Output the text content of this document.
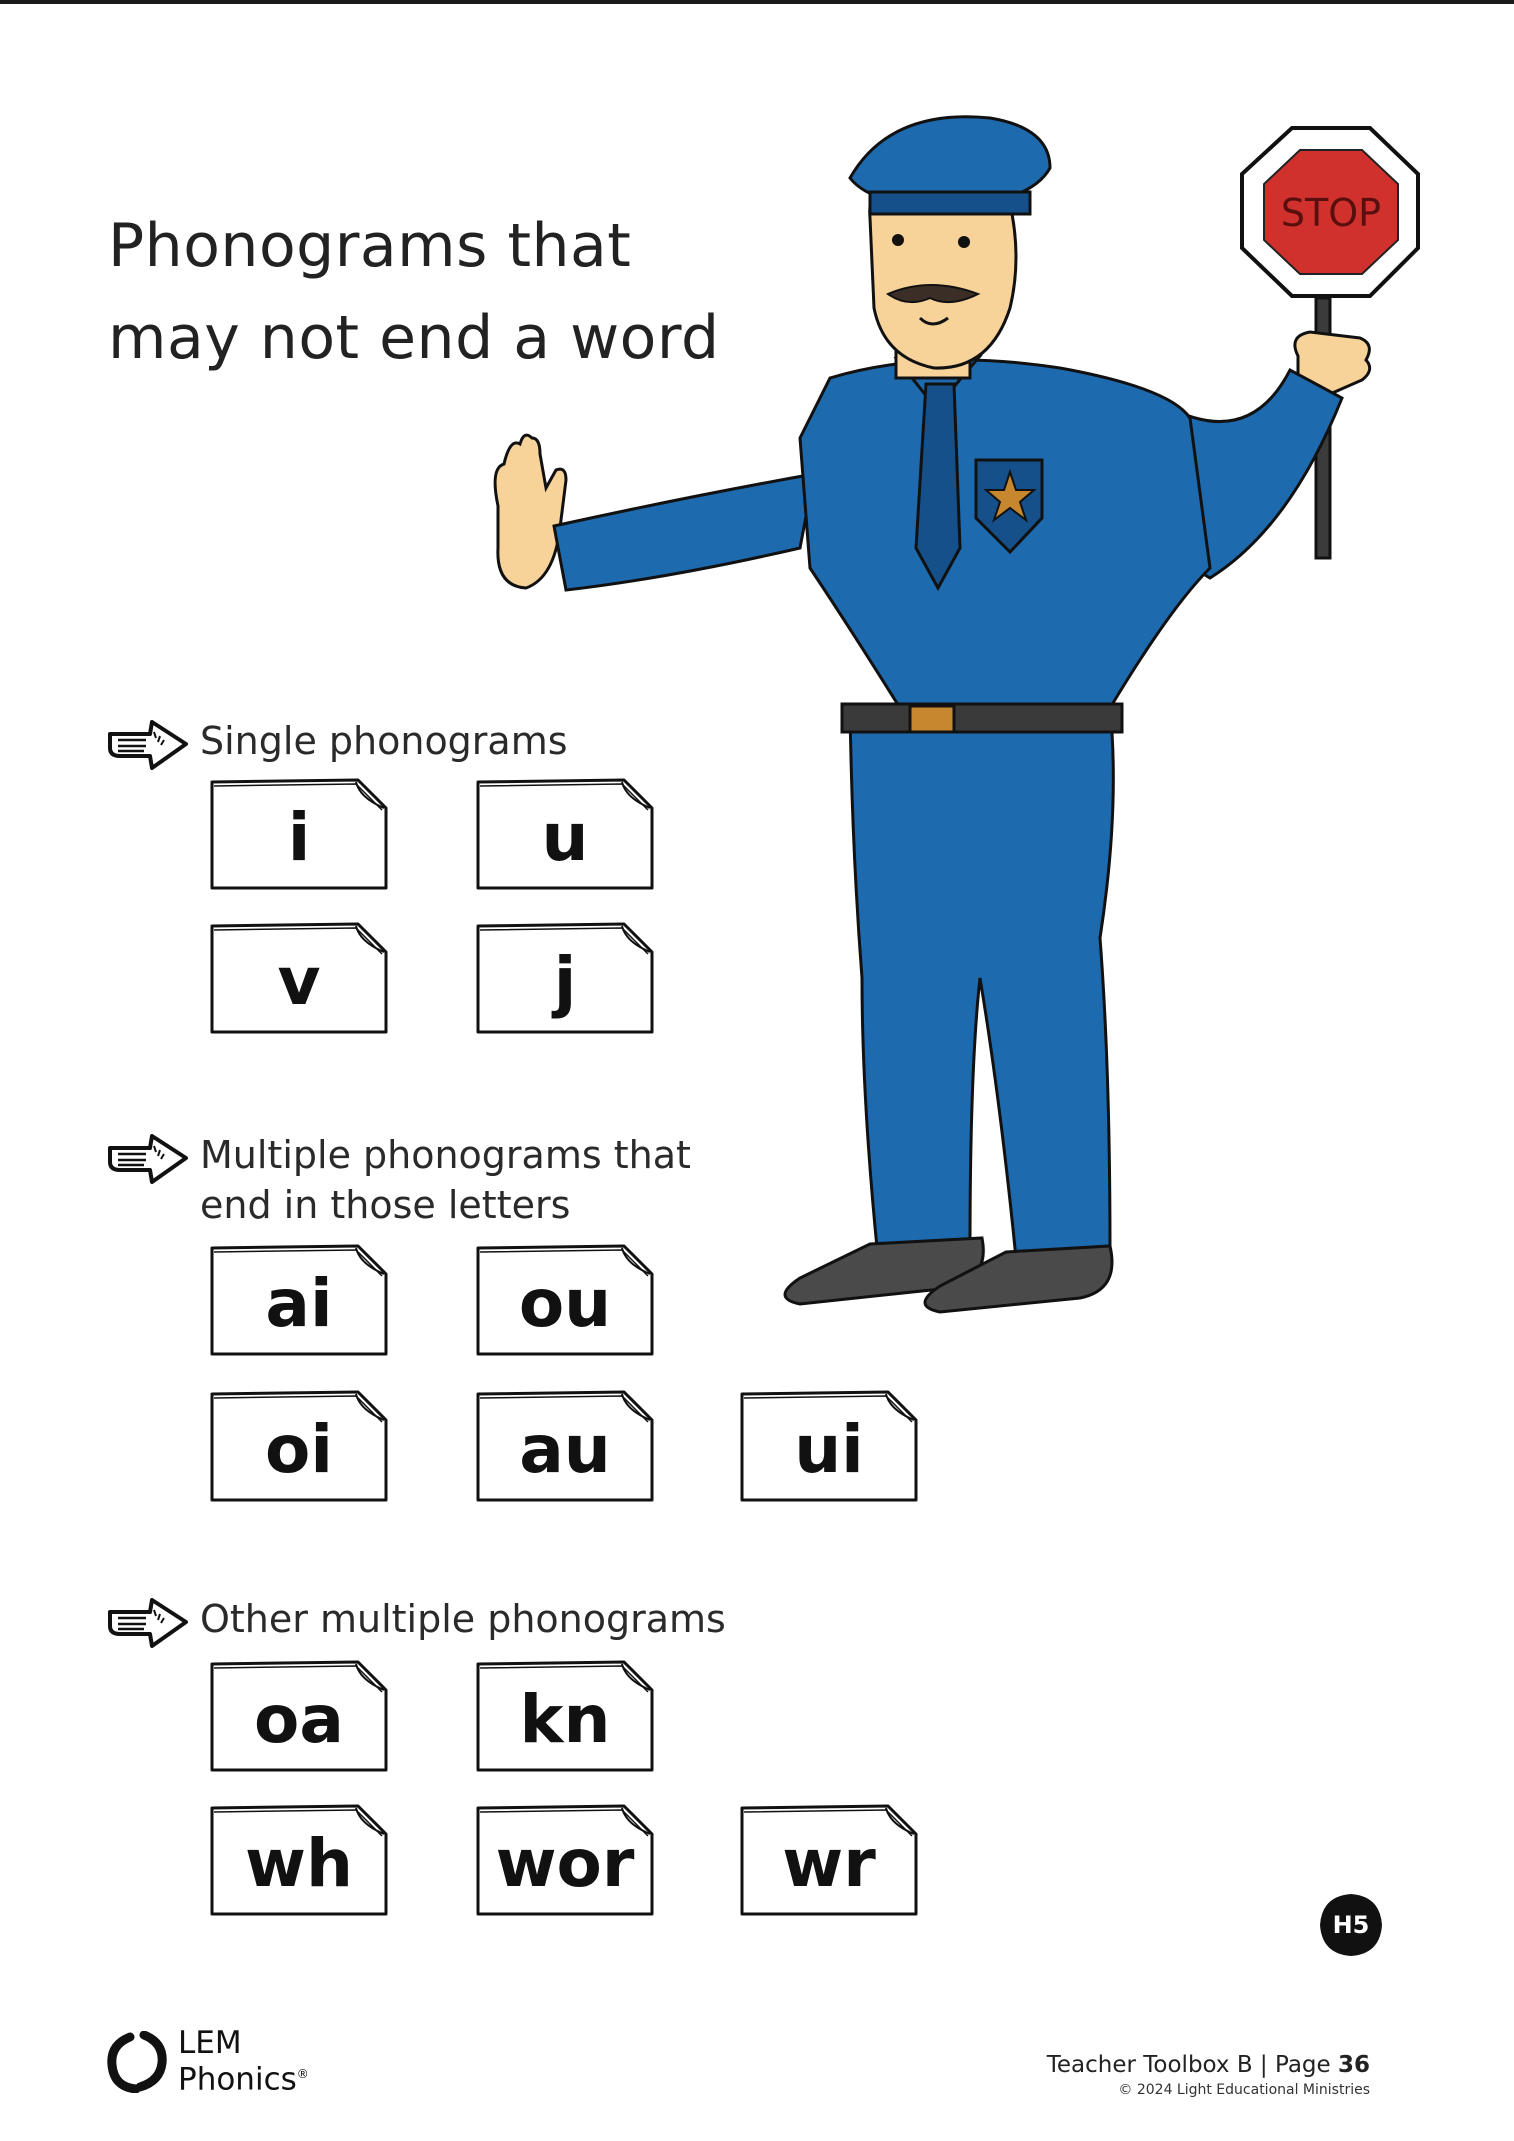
Phonograms that
may not end a word
Single phonograms
Multiple phonograms that
end in those letters
Other multiple phonograms
i	u
v	j
ai	ou
oi	au	ui
oa	kn
wh	wor	wr
STOP
H5
LEM
Phonics®	Teacher Toolbox B | Page 36
© 2024 Light Educational Ministries
